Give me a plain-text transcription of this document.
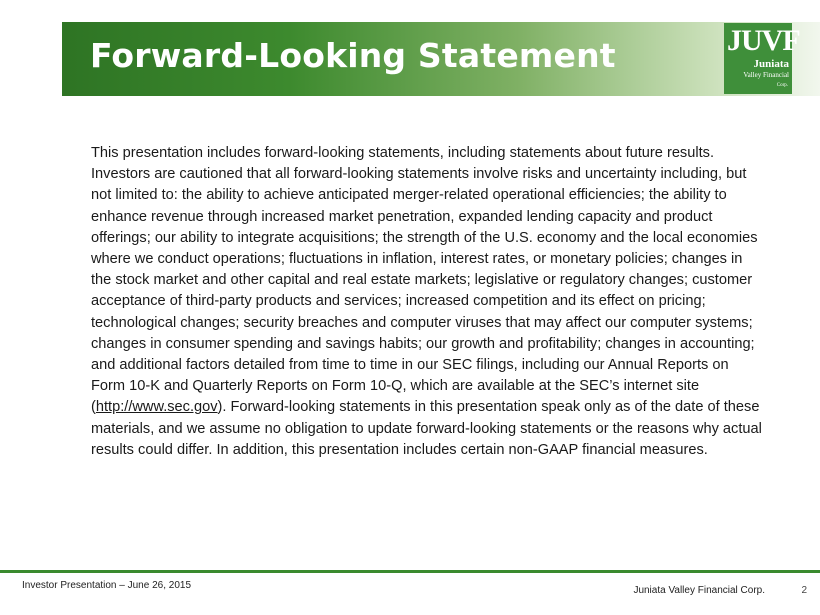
Forward-Looking Statement	JUVF
Juniata
Valley Financial
Corp.

This presentation includes forward-looking statements, including statements about future results. Investors are cautioned that all forward-looking statements involve risks and uncertainty including, but not limited to: the ability to achieve anticipated merger-related operational efficiencies; the ability to enhance revenue through increased market penetration, expanded lending capacity and product offerings; our ability to integrate acquisitions; the strength of the U.S. economy and the local economies where we conduct operations; fluctuations in inflation, interest rates, or monetary policies; changes in the stock market and other capital and real estate markets; legislative or regulatory changes; customer acceptance of third-party products and services; increased competition and its effect on pricing; technological changes; security breaches and computer viruses that may affect our computer systems; changes in consumer spending and savings habits; our growth and profitability; changes in accounting; and additional factors detailed from time to time in our SEC filings, including our Annual Reports on Form 10-K and Quarterly Reports on Form 10-Q, which are available at the SEC’s internet site (http://www.sec.gov). Forward-looking statements in this presentation speak only as of the date of these materials, and we assume no obligation to update forward-looking statements or the reasons why actual results could differ. In addition, this presentation includes certain non-GAAP financial measures.

Investor Presentation – June 26, 2015	Juniata Valley Financial Corp.	2
